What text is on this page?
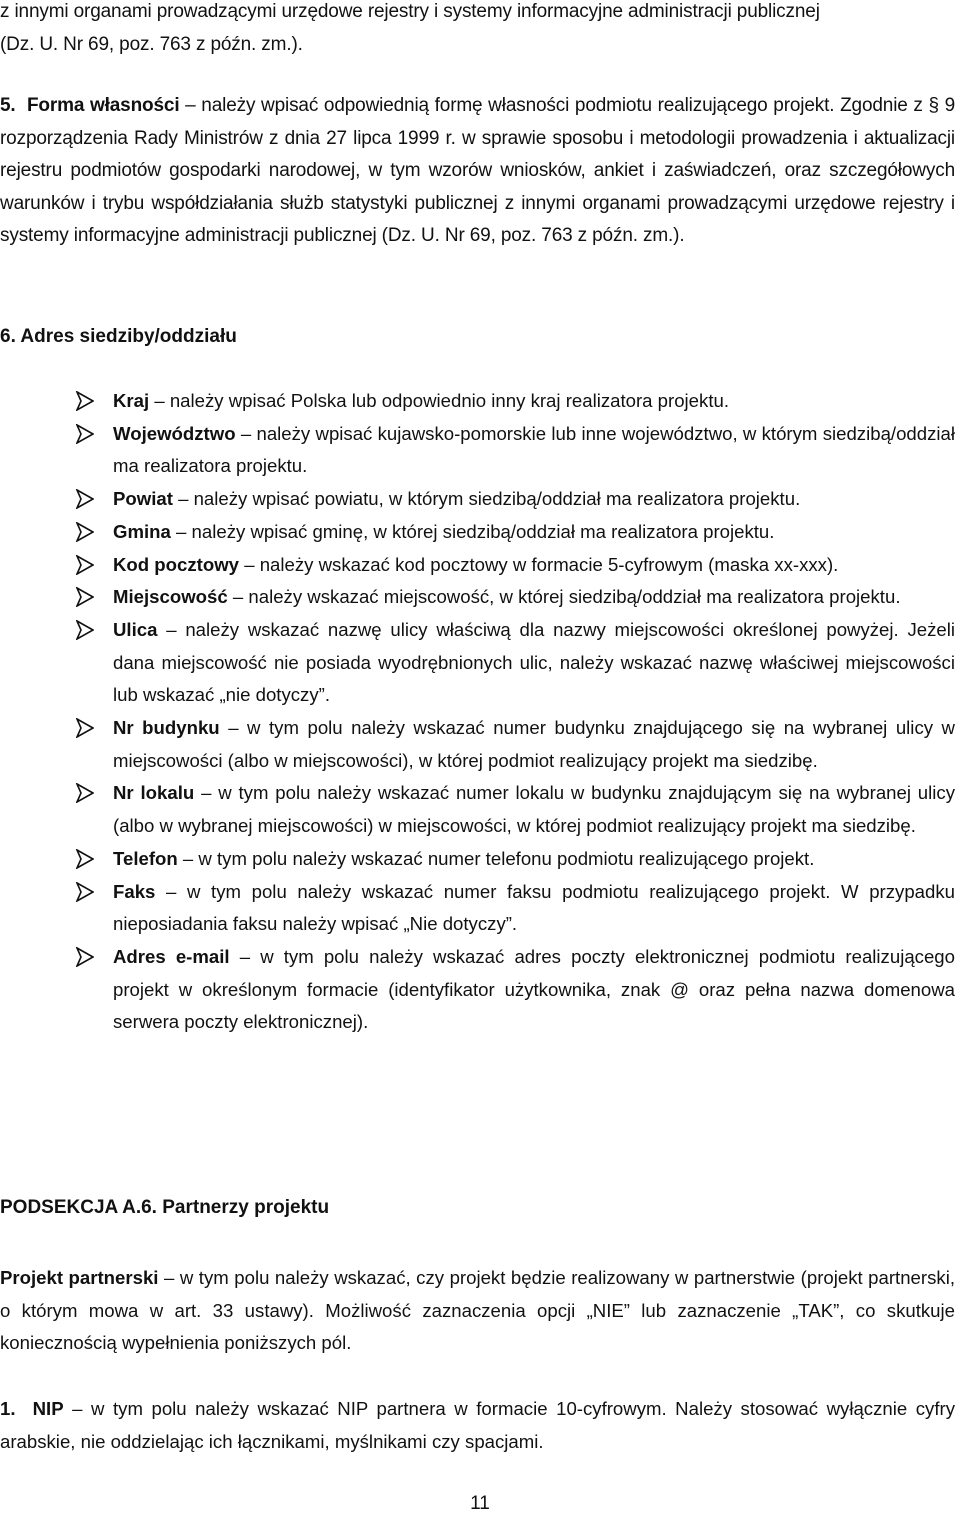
z innymi organami prowadzącymi urzędowe rejestry i systemy informacyjne administracji publicznej
(Dz. U. Nr 69, poz. 763 z późn. zm.).

5. Forma własności – należy wpisać odpowiednią formę własności podmiotu realizującego projekt. Zgodnie z § 9 rozporządzenia Rady Ministrów z dnia 27 lipca 1999 r. w sprawie sposobu i metodologii prowadzenia i aktualizacji rejestru podmiotów gospodarki narodowej, w tym wzorów wniosków, ankiet i zaświadczeń, oraz szczegółowych warunków i trybu współdziałania służb statystyki publicznej z innymi organami prowadzącymi urzędowe rejestry i systemy informacyjne administracji publicznej (Dz. U. Nr 69, poz. 763 z późn. zm.).

6. Adres siedziby/oddziału

Kraj – należy wpisać Polska lub odpowiednio inny kraj realizatora projektu.
Województwo – należy wpisać kujawsko-pomorskie lub inne województwo, w którym siedzibą/oddział ma realizatora projektu.
Powiat – należy wpisać powiatu, w którym siedzibą/oddział ma realizatora projektu.
Gmina – należy wpisać gminę, w której siedzibą/oddział ma realizatora projektu.
Kod pocztowy – należy wskazać kod pocztowy w formacie 5-cyfrowym (maska xx-xxx).
Miejscowość – należy wskazać miejscowość, w której siedzibą/oddział ma realizatora projektu.
Ulica – należy wskazać nazwę ulicy właściwą dla nazwy miejscowości określonej powyżej. Jeżeli dana miejscowość nie posiada wyodrębnionych ulic, należy wskazać nazwę właściwej miejscowości lub wskazać „nie dotyczy”.
Nr budynku – w tym polu należy wskazać numer budynku znajdującego się na wybranej ulicy w miejscowości (albo w miejscowości), w której podmiot realizujący projekt ma siedzibę.
Nr lokalu – w tym polu należy wskazać numer lokalu w budynku znajdującym się na wybranej ulicy (albo w wybranej miejscowości) w miejscowości, w której podmiot realizujący projekt ma siedzibę.
Telefon – w tym polu należy wskazać numer telefonu podmiotu realizującego projekt.
Faks – w tym polu należy wskazać numer faksu podmiotu realizującego projekt. W przypadku nieposiadania faksu należy wpisać „Nie dotyczy”.
Adres e-mail – w tym polu należy wskazać adres poczty elektronicznej podmiotu realizującego projekt w określonym formacie (identyfikator użytkownika, znak @ oraz pełna nazwa domenowa serwera poczty elektronicznej).

PODSEKCJA A.6. Partnerzy projektu

Projekt partnerski – w tym polu należy wskazać, czy projekt będzie realizowany w partnerstwie (projekt partnerski, o którym mowa w art. 33 ustawy). Możliwość zaznaczenia opcji „NIE” lub zaznaczenie „TAK”, co skutkuje koniecznością wypełnienia poniższych pól.

1. NIP – w tym polu należy wskazać NIP partnera w formacie 10-cyfrowym. Należy stosować wyłącznie cyfry arabskie, nie oddzielając ich łącznikami, myślnikami czy spacjami.

11
